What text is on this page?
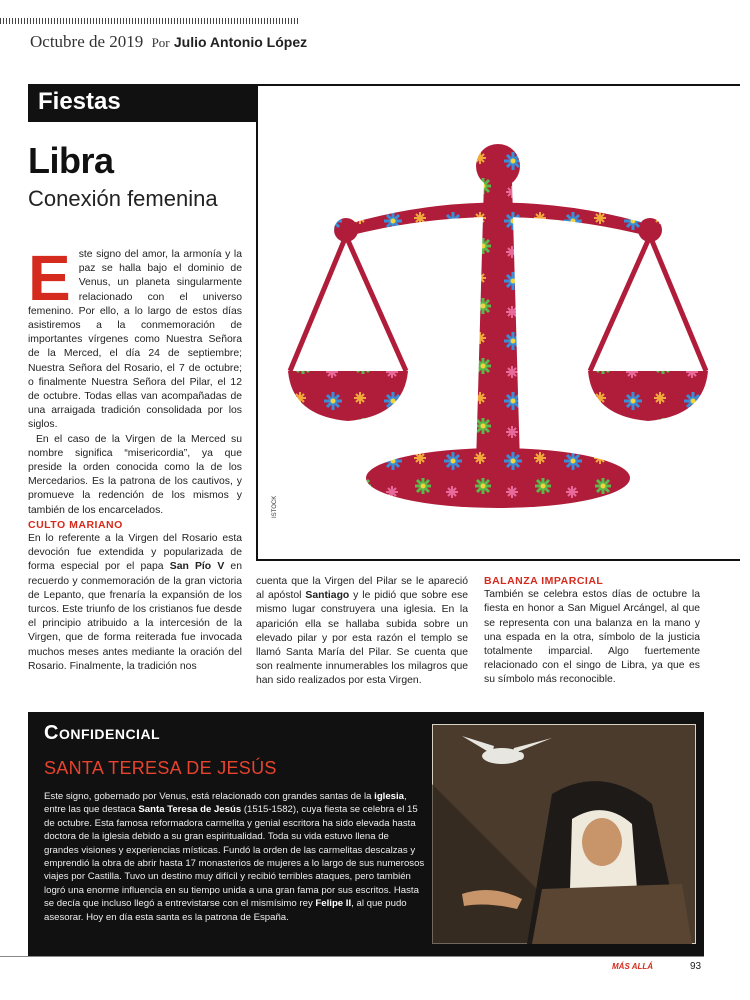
Octubre de 2019 Por Julio Antonio López
Fiestas
Libra
Conexión femenina
ISTOCK

Este signo del amor, la armonía y la paz se halla bajo el dominio de Venus, un planeta singularmente relacionado con el universo femenino. Por ello, a lo largo de estos días asistiremos a la conmemoración de importantes vírgenes como Nuestra Señora de la Merced, el día 24 de septiembre; Nuestra Señora del Rosario, el 7 de octubre; o finalmente Nuestra Señora del Pilar, el 12 de octubre. Todas ellas van acompañadas de una arraigada tradición consolidada por los siglos.

En el caso de la Virgen de la Merced su nombre significa “misericordia”, ya que preside la orden conocida como la de los Mercedarios. Es la patrona de los cautivos, y promueve la redención de los mismos y también de los encarcelados.

CULTO MARIANO

En lo referente a la Virgen del Rosario esta devoción fue extendida y popularizada de forma especial por el papa San Pío V en recuerdo y conmemoración de la gran victoria de Lepanto, que frenaría la expansión de los turcos. Este triunfo de los cristianos fue desde el principio atribuido a la intercesión de la Virgen, que de forma reiterada fue invocada muchos meses antes mediante la oración del Rosario. Finalmente, la tradición nos

cuenta que la Virgen del Pilar se le apareció al apóstol Santiago y le pidió que sobre ese mismo lugar construyera una iglesia. En la aparición ella se hallaba subida sobre un elevado pilar y por esta razón el templo se llamó Santa María del Pilar. Se cuenta que son realmente innumerables los milagros que han sido realizados por esta Virgen.

BALANZA IMPARCIAL

También se celebra estos días de octubre la fiesta en honor a San Miguel Arcángel, al que se representa con una balanza en la mano y una espada en la otra, símbolo de la justicia totalmente imparcial. Algo fuertemente relacionado con el singo de Libra, ya que es su símbolo más reconocible.

Confidencial
SANTA TERESA DE JESÚS
Este signo, gobernado por Venus, está relacionado con grandes santas de la iglesia, entre las que destaca Santa Teresa de Jesús (1515-1582), cuya fiesta se celebra el 15 de octubre. Esta famosa reformadora carmelita y genial escritora ha sido elevada hasta doctora de la iglesia debido a su gran espiritualidad. Toda su vida estuvo llena de grandes visiones y experiencias místicas. Fundó la orden de las carmelitas descalzas y emprendió la obra de abrir hasta 17 monasterios de mujeres a lo largo de sus numerosos viajes por Castilla. Tuvo un destino muy difícil y recibió terribles ataques, pero también logró una enorme influencia en su tiempo unida a una gran fama por sus escritos. Hasta se decía que incluso llegó a entrevistarse con el mismísimo rey Felipe II, al que pudo asesorar. Hoy en día esta santa es la patrona de España.
MÁS ALLÁ	93
